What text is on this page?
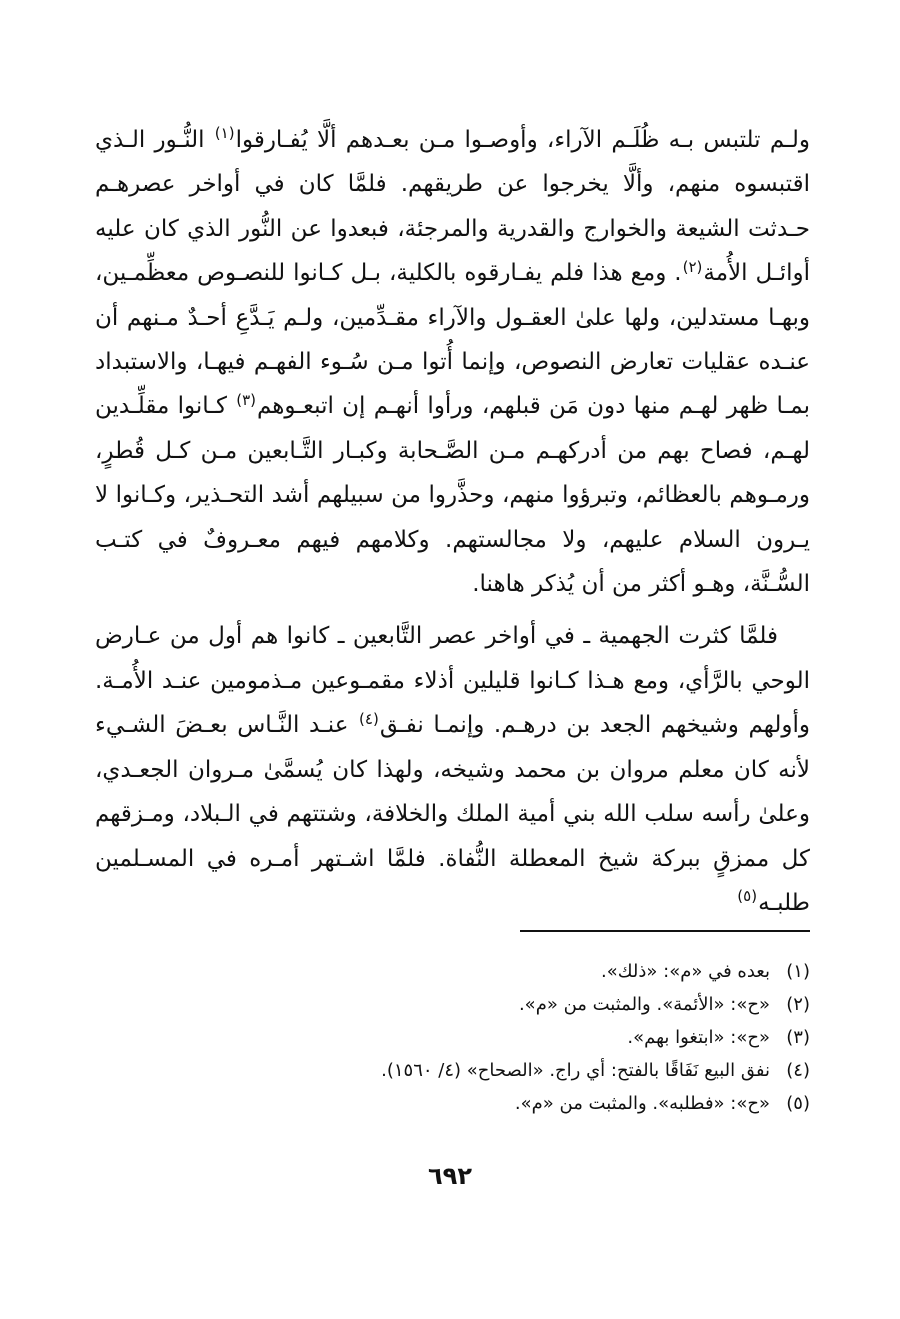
ولـم تلتبس بـه ظُلَـم الآراء، وأوصـوا مـن بعـدهم ألَّا يُفـارقوا$^{(١)}$ النُّـور الـذي اقتبسوه منهم، وألَّا يخرجوا عن طريقهم. فلمَّا كان في أواخر عصرهـم حـدثت الشيعة والخوارج والقدرية والمرجئة، فبعدوا عن النُّور الذي كان عليه أوائـل الأُمة$^{(٢)}$. ومع هذا فلم يفـارقوه بالكلية، بـل كـانوا للنصـوص معظِّمـين، وبهـا مستدلين، ولها علىٰ العقـول والآراء مقـدِّمين، ولـم يَـدَّعِ أحـدٌ مـنهم أن عنـده عقليات تعارض النصوص، وإنما أُتوا مـن سُـوء الفهـم فيهـا، والاستبداد بمـا ظهر لهـم منها دون مَن قبلهم، ورأوا أنهـم إن اتبعـوهم$^{(٣)}$ كـانوا مقلِّـدين لهـم، فصاح بهم من أدركهـم مـن الصَّـحابة وكبـار التَّـابعين مـن كـل قُطرٍ، ورمـوهم بالعظائم، وتبرؤوا منهم، وحذَّروا من سبيلهم أشد التحـذير، وكـانوا لا يـرون السلام عليهم، ولا مجالستهم. وكلامهم فيهم معـروفٌ في كتـب السُّـنَّة، وهـو أكثر من أن يُذكر هاهنا.

فلمَّا كثرت الجهمية ـ في أواخر عصر التَّابعين ـ كانوا هم أول من عـارض الوحي بالرَّأي، ومع هـذا كـانوا قليلين أذلاء مقمـوعين مـذمومين عنـد الأُمـة. وأولهم وشيخهم الجعد بن درهـم. وإنمـا نفـق$^{(٤)}$ عنـد النَّـاس بعـضَ الشـيء لأنه كان معلم مروان بن محمد وشيخه، ولهذا كان يُسمَّىٰ مـروان الجعـدي، وعلىٰ رأسه سلب الله بني أمية الملك والخلافة، وشتتهم في الـبلاد، ومـزقهم كل ممزقٍ ببركة شيخ المعطلة النُّفاة. فلمَّا اشـتهر أمـره في المسـلمين طلبـه$^{(٥)}$

(١)
بعده في «م»: «ذلك».
(٢)
«ح»: «الأئمة». والمثبت من «م».
(٣)
«ح»: «ابتغوا بهم».
(٤)
نفق البيع نَفَاقًا بالفتح: أي راج. «الصحاح» (٤/ ١٥٦٠).
(٥)
«ح»: «فطلبه». والمثبت من «م».
٦٩٢
